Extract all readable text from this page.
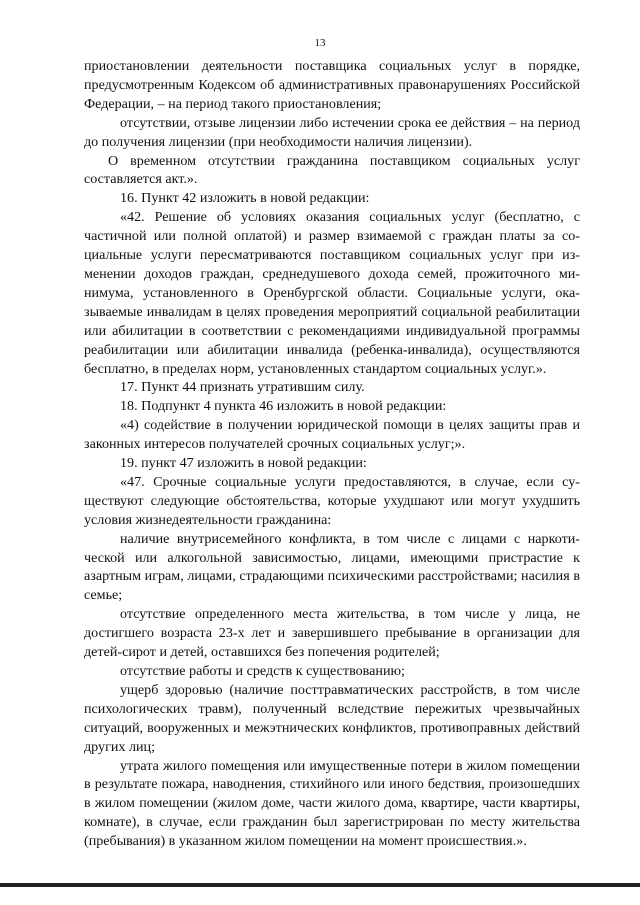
13

приостановлении деятельности поставщика социальных услуг в порядке, предусмотренным Кодексом об административных правонарушениях Российской Федерации, – на период такого приостановления;

отсутствии, отзыве лицензии либо истечении срока ее действия – на период до получения лицензии (при необходимости наличия лицензии).

О временном отсутствии гражданина поставщиком социальных услуг составляется акт.».

16. Пункт 42 изложить в новой редакции:

«42. Решение об условиях оказания социальных услуг (бесплатно, с частичной или полной оплатой) и размер взимаемой с граждан платы за социальные услуги пересматриваются поставщиком социальных услуг при изменении доходов граждан, среднедушевого дохода семей, прожиточного минимума, установленного в Оренбургской области. Социальные услуги, оказываемые инвалидам в целях проведения мероприятий социальной реабилитации или абилитации в соответствии с рекомендациями индивидуальной программы реабилитации или абилитации инвалида (ребенка-инвалида), осуществляются бесплатно, в пределах норм, установленных стандартом социальных услуг.».

17. Пункт 44 признать утратившим силу.

18. Подпункт 4 пункта 46 изложить в новой редакции:

«4) содействие в получении юридической помощи в целях защиты прав и законных интересов получателей срочных социальных услуг;».

19. пункт 47 изложить в новой редакции:

«47. Срочные социальные услуги предоставляются, в случае, если существуют следующие обстоятельства, которые ухудшают или могут ухудшить условия жизнедеятельности гражданина:

наличие внутрисемейного конфликта, в том числе с лицами с наркотической или алкогольной зависимостью, лицами, имеющими пристрастие к азартным играм, лицами, страдающими психическими расстройствами; насилия в семье;

отсутствие определенного места жительства, в том числе у лица, не достигшего возраста 23-х лет и завершившего пребывание в организации для детей-сирот и детей, оставшихся без попечения родителей;

отсутствие работы и средств к существованию;

ущерб здоровью (наличие посттравматических расстройств, в том числе психологических травм), полученный вследствие пережитых чрезвычайных ситуаций, вооруженных и межэтнических конфликтов, противоправных действий других лиц;

утрата жилого помещения или имущественные потери в жилом помещении в результате пожара, наводнения, стихийного или иного бедствия, произошедших в жилом помещении (жилом доме, части жилого дома, квартире, части квартиры, комнате), в случае, если гражданин был зарегистрирован по месту жительства (пребывания) в указанном жилом помещении на момент происшествия.».
